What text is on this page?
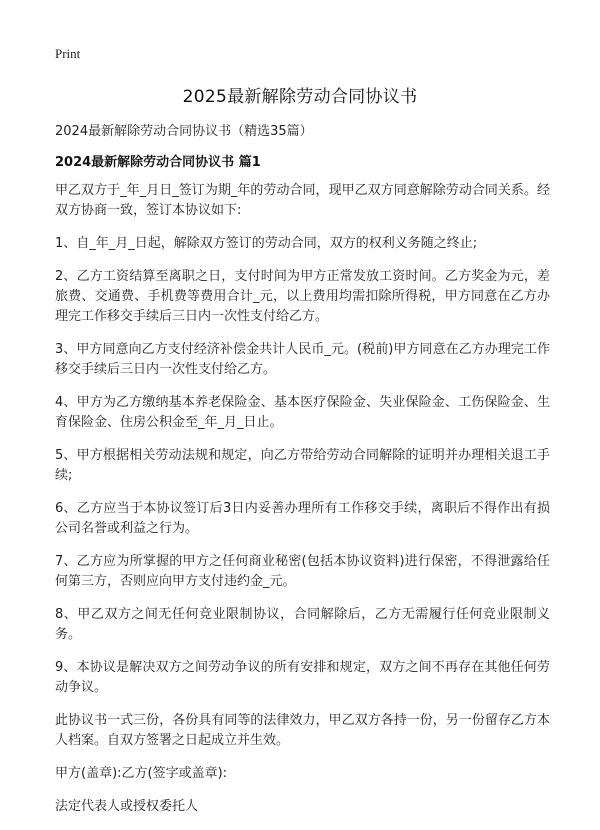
Print
2025最新解除劳动合同协议书
2024最新解除劳动合同协议书（精选35篇）
2024最新解除劳动合同协议书 篇1

甲乙双方于_年_月日_签订为期_年的劳动合同，现甲乙双方同意解除劳动合同关系。经双方协商一致，签订本协议如下:

1、自_年_月_日起，解除双方签订的劳动合同，双方的权利义务随之终止;

2、乙方工资结算至离职之日，支付时间为甲方正常发放工资时间。乙方奖金为元，差旅费、交通费、手机费等费用合计_元，以上费用均需扣除所得税，甲方同意在乙方办理完工作移交手续后三日内一次性支付给乙方。

3、甲方同意向乙方支付经济补偿金共计人民币_元。(税前)甲方同意在乙方办理完工作移交手续后三日内一次性支付给乙方。

4、甲方为乙方缴纳基本养老保险金、基本医疗保险金、失业保险金、工伤保险金、生育保险金、住房公积金至_年_月_日止。

5、甲方根据相关劳动法规和规定，向乙方带给劳动合同解除的证明并办理相关退工手续;

6、乙方应当于本协议签订后3日内妥善办理所有工作移交手续，离职后不得作出有损公司名誉或利益之行为。

7、乙方应为所掌握的甲方之任何商业秘密(包括本协议资料)进行保密，不得泄露给任何第三方，否则应向甲方支付违约金_元。

8、甲乙双方之间无任何竞业限制协议，合同解除后，乙方无需履行任何竞业限制义务。

9、本协议是解决双方之间劳动争议的所有安排和规定，双方之间不再存在其他任何劳动争议。

此协议书一式三份，各份具有同等的法律效力，甲乙双方各持一份，另一份留存乙方本人档案。自双方签署之日起成立并生效。

甲方(盖章):乙方(签字或盖章):

法定代表人或授权委托人
